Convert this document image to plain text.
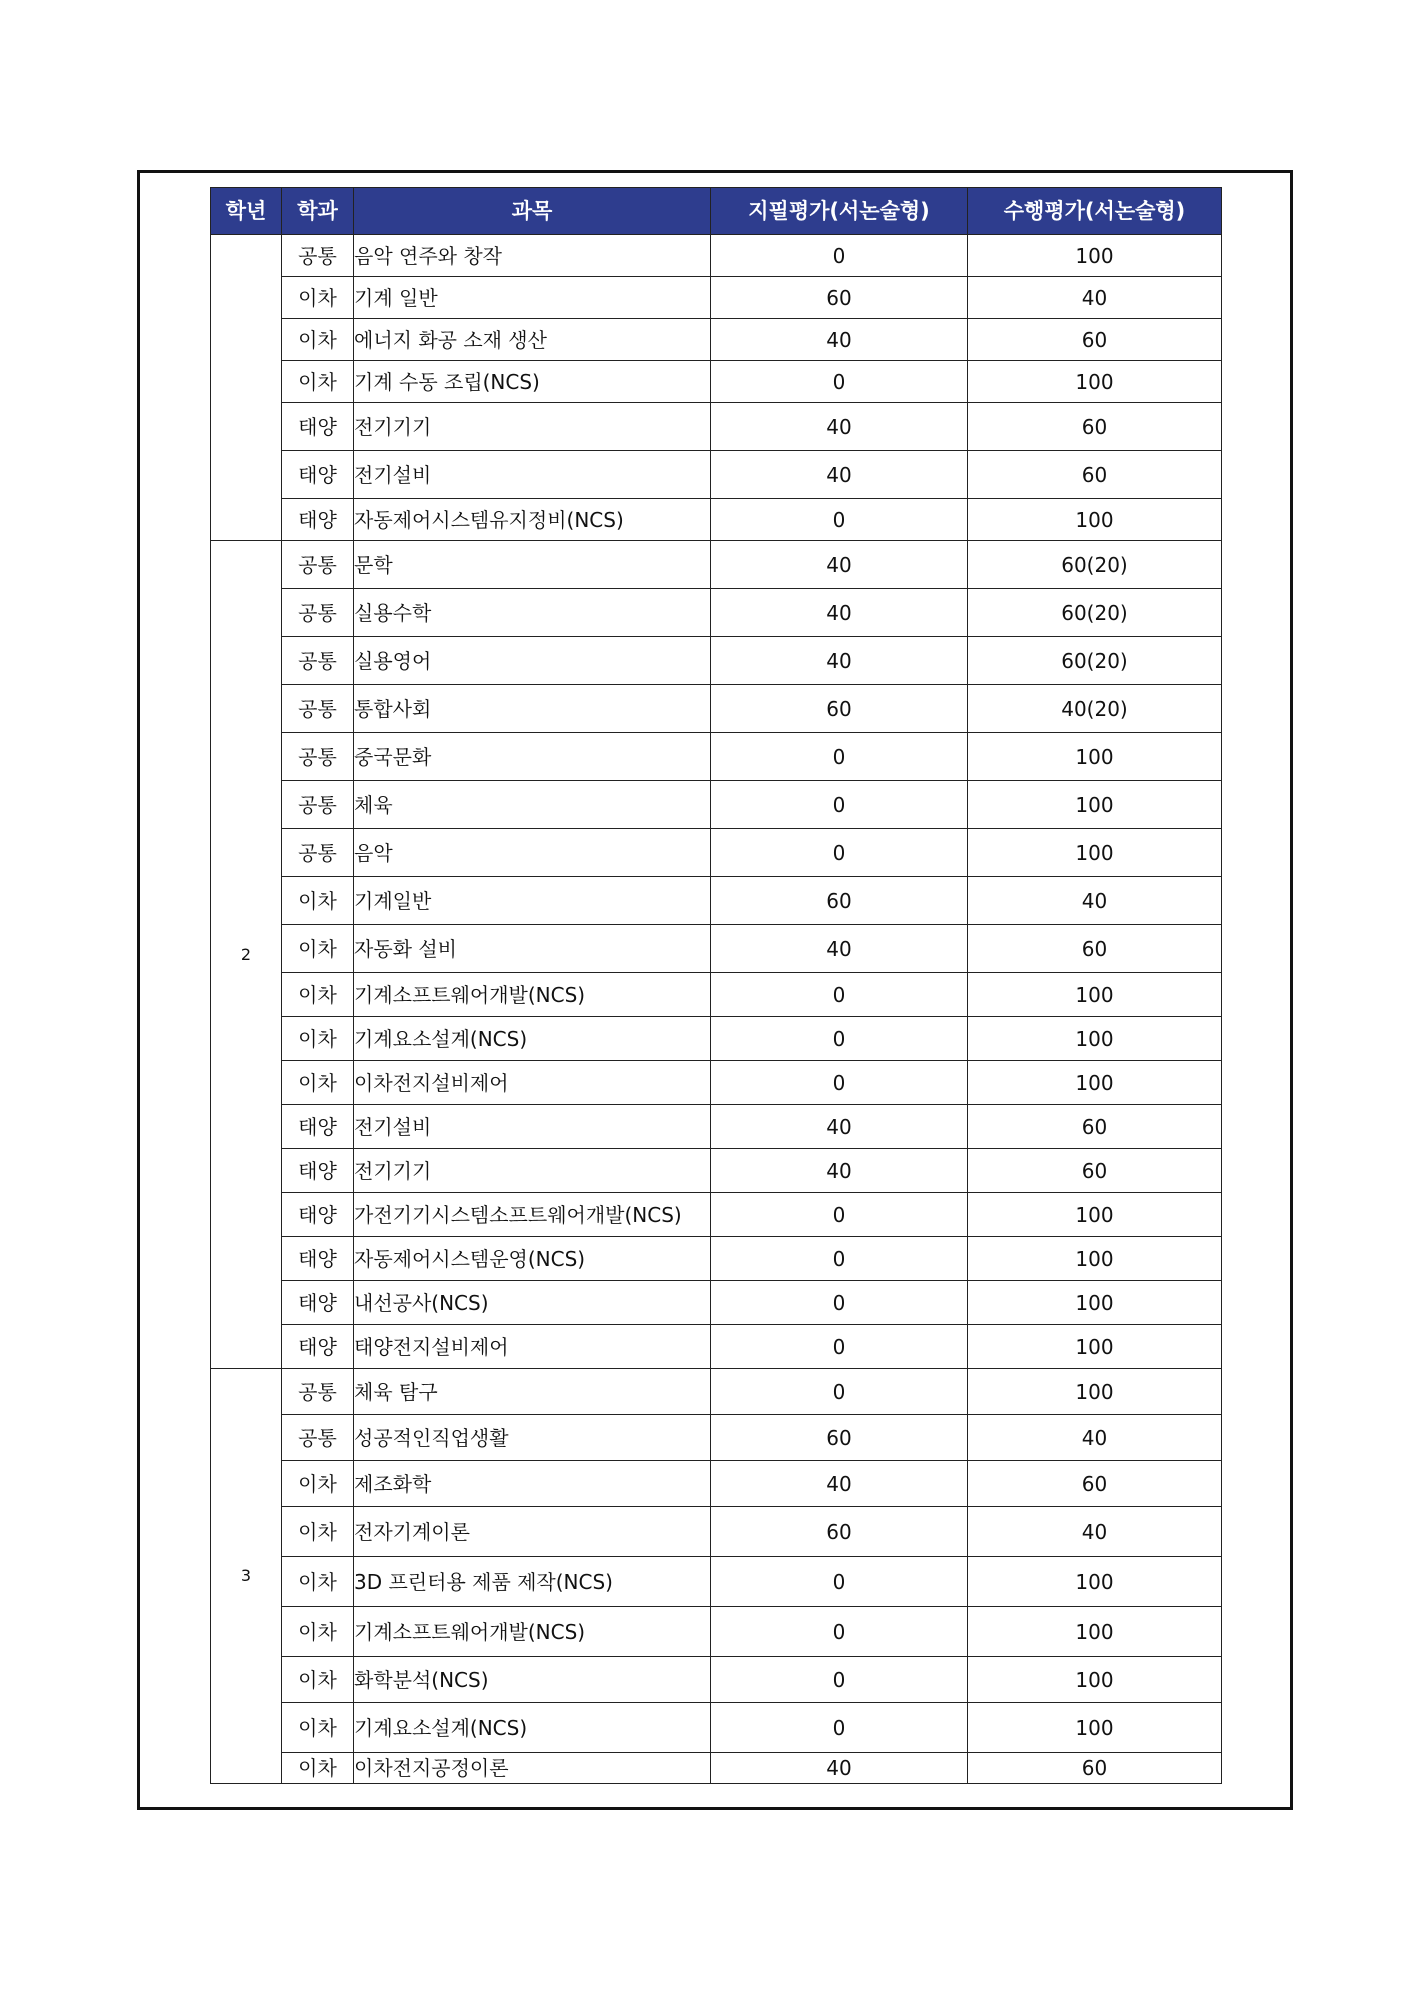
학년	학과	과목	지필평가(서논술형)	수행평가(서논술형)
	공통	음악 연주와 창작	0	100
	이차	기계 일반	60	40
	이차	에너지 화공 소재 생산	40	60
	이차	기계 수동 조립(NCS)	0	100
	태양	전기기기	40	60
	태양	전기설비	40	60
	태양	자동제어시스템유지정비(NCS)	0	100
2	공통	문학	40	60(20)
	공통	실용수학	40	60(20)
	공통	실용영어	40	60(20)
	공통	통합사회	60	40(20)
	공통	중국문화	0	100
	공통	체육	0	100
	공통	음악	0	100
	이차	기계일반	60	40
	이차	자동화 설비	40	60
	이차	기계소프트웨어개발(NCS)	0	100
	이차	기계요소설계(NCS)	0	100
	이차	이차전지설비제어	0	100
	태양	전기설비	40	60
	태양	전기기기	40	60
	태양	가전기기시스템소프트웨어개발(NCS)	0	100
	태양	자동제어시스템운영(NCS)	0	100
	태양	내선공사(NCS)	0	100
	태양	태양전지설비제어	0	100
3	공통	체육 탐구	0	100
	공통	성공적인직업생활	60	40
	이차	제조화학	40	60
	이차	전자기계이론	60	40
	이차	3D 프린터용 제품 제작(NCS)	0	100
	이차	기계소프트웨어개발(NCS)	0	100
	이차	화학분석(NCS)	0	100
	이차	기계요소설계(NCS)	0	100
	이차	이차전지공정이론	40	60
